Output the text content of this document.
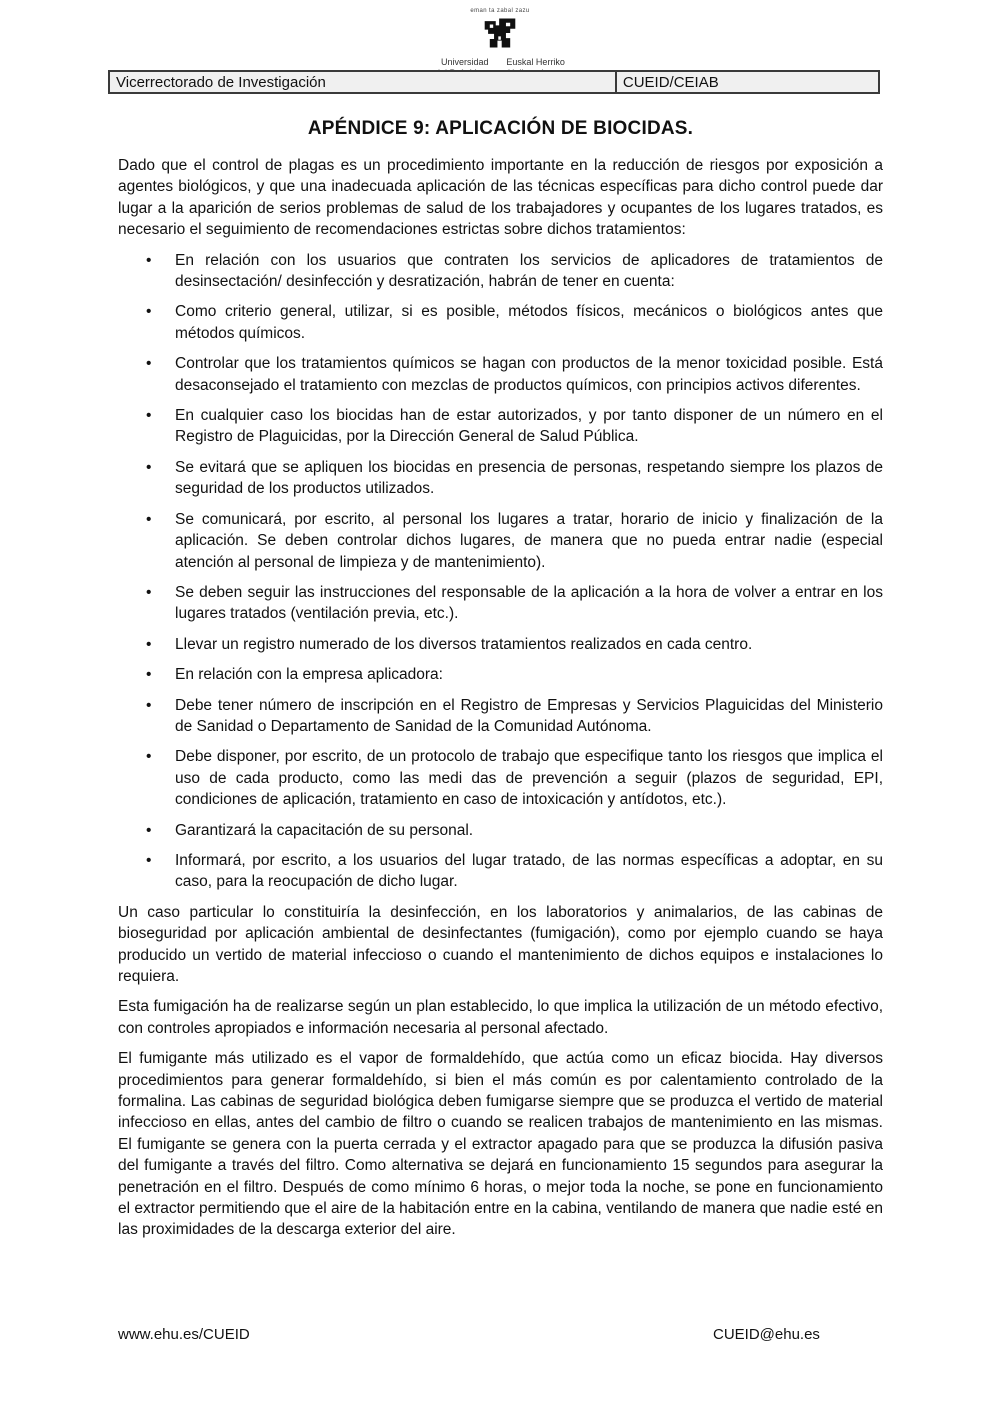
eman ta zabal zazu
Universidad	Euskal Herriko
Vicerrectorado de Investigación	CUEID/CEIAB
APÉNDICE 9: APLICACIÓN DE BIOCIDAS.

Dado que el control de plagas es un procedimiento importante en la reducción de riesgos por exposición a agentes biológicos, y que una inadecuada aplicación de las técnicas específicas para dicho control puede dar lugar a la aparición de serios problemas de salud de los trabajadores y ocupantes de los lugares tratados, es necesario el seguimiento de recomendaciones estrictas sobre dichos tratamientos:

• En relación con los usuarios que contraten los servicios de aplicadores de tratamientos de desinsectación/ desinfección y desratización, habrán de tener en cuenta:
• Como criterio general, utilizar, si es posible, métodos físicos, mecánicos o biológicos antes que métodos químicos.
• Controlar que los tratamientos químicos se hagan con productos de la menor toxicidad posible. Está desaconsejado el tratamiento con mezclas de productos químicos, con principios activos diferentes.
• En cualquier caso los biocidas han de estar autorizados, y por tanto disponer de un número en el Registro de Plaguicidas, por la Dirección General de Salud Pública.
• Se evitará que se apliquen los biocidas en presencia de personas, respetando siempre los plazos de seguridad de los productos utilizados.
• Se comunicará, por escrito, al personal los lugares a tratar, horario de inicio y finalización de la aplicación. Se deben controlar dichos lugares, de manera que no pueda entrar nadie (especial atención al personal de limpieza y de mantenimiento).
• Se deben seguir las instrucciones del responsable de la aplicación a la hora de volver a entrar en los lugares tratados (ventilación previa, etc.).
• Llevar un registro numerado de los diversos tratamientos realizados en cada centro.
• En relación con la empresa aplicadora:
• Debe tener número de inscripción en el Registro de Empresas y Servicios Plaguicidas del Ministerio de Sanidad o Departamento de Sanidad de la Comunidad Autónoma.
• Debe disponer, por escrito, de un protocolo de trabajo que especifique tanto los riesgos que implica el uso de cada producto, como las medi das de prevención a seguir (plazos de seguridad, EPI, condiciones de aplicación, tratamiento en caso de intoxicación y antídotos, etc.).
• Garantizará la capacitación de su personal.
• Informará, por escrito, a los usuarios del lugar tratado, de las normas específicas a adoptar, en su caso, para la reocupación de dicho lugar.

Un caso particular lo constituiría la desinfección, en los laboratorios y animalarios, de las cabinas de bioseguridad por aplicación ambiental de desinfectantes (fumigación), como por ejemplo cuando se haya producido un vertido de material infeccioso o cuando el mantenimiento de dichos equipos e instalaciones lo requiera.

Esta fumigación ha de realizarse según un plan establecido, lo que implica la utilización de un método efectivo, con controles apropiados e información necesaria al personal afectado.

El fumigante más utilizado es el vapor de formaldehído, que actúa como un eficaz biocida. Hay diversos procedimientos para generar formaldehído, si bien el más común es por calentamiento controlado de la formalina. Las cabinas de seguridad biológica deben fumigarse siempre que se produzca el vertido de material infeccioso en ellas, antes del cambio de filtro o cuando se realicen trabajos de mantenimiento en las mismas. El fumigante se genera con la puerta cerrada y el extractor apagado para que se produzca la difusión pasiva del fumigante a través del filtro. Como alternativa se dejará en funcionamiento 15 segundos para asegurar la penetración en el filtro. Después de como mínimo 6 horas, o mejor toda la noche, se pone en funcionamiento el extractor permitiendo que el aire de la habitación entre en la cabina, ventilando de manera que nadie esté en las proximidades de la descarga exterior del aire.

www.ehu.es/CUEID	CUEID@ehu.es
